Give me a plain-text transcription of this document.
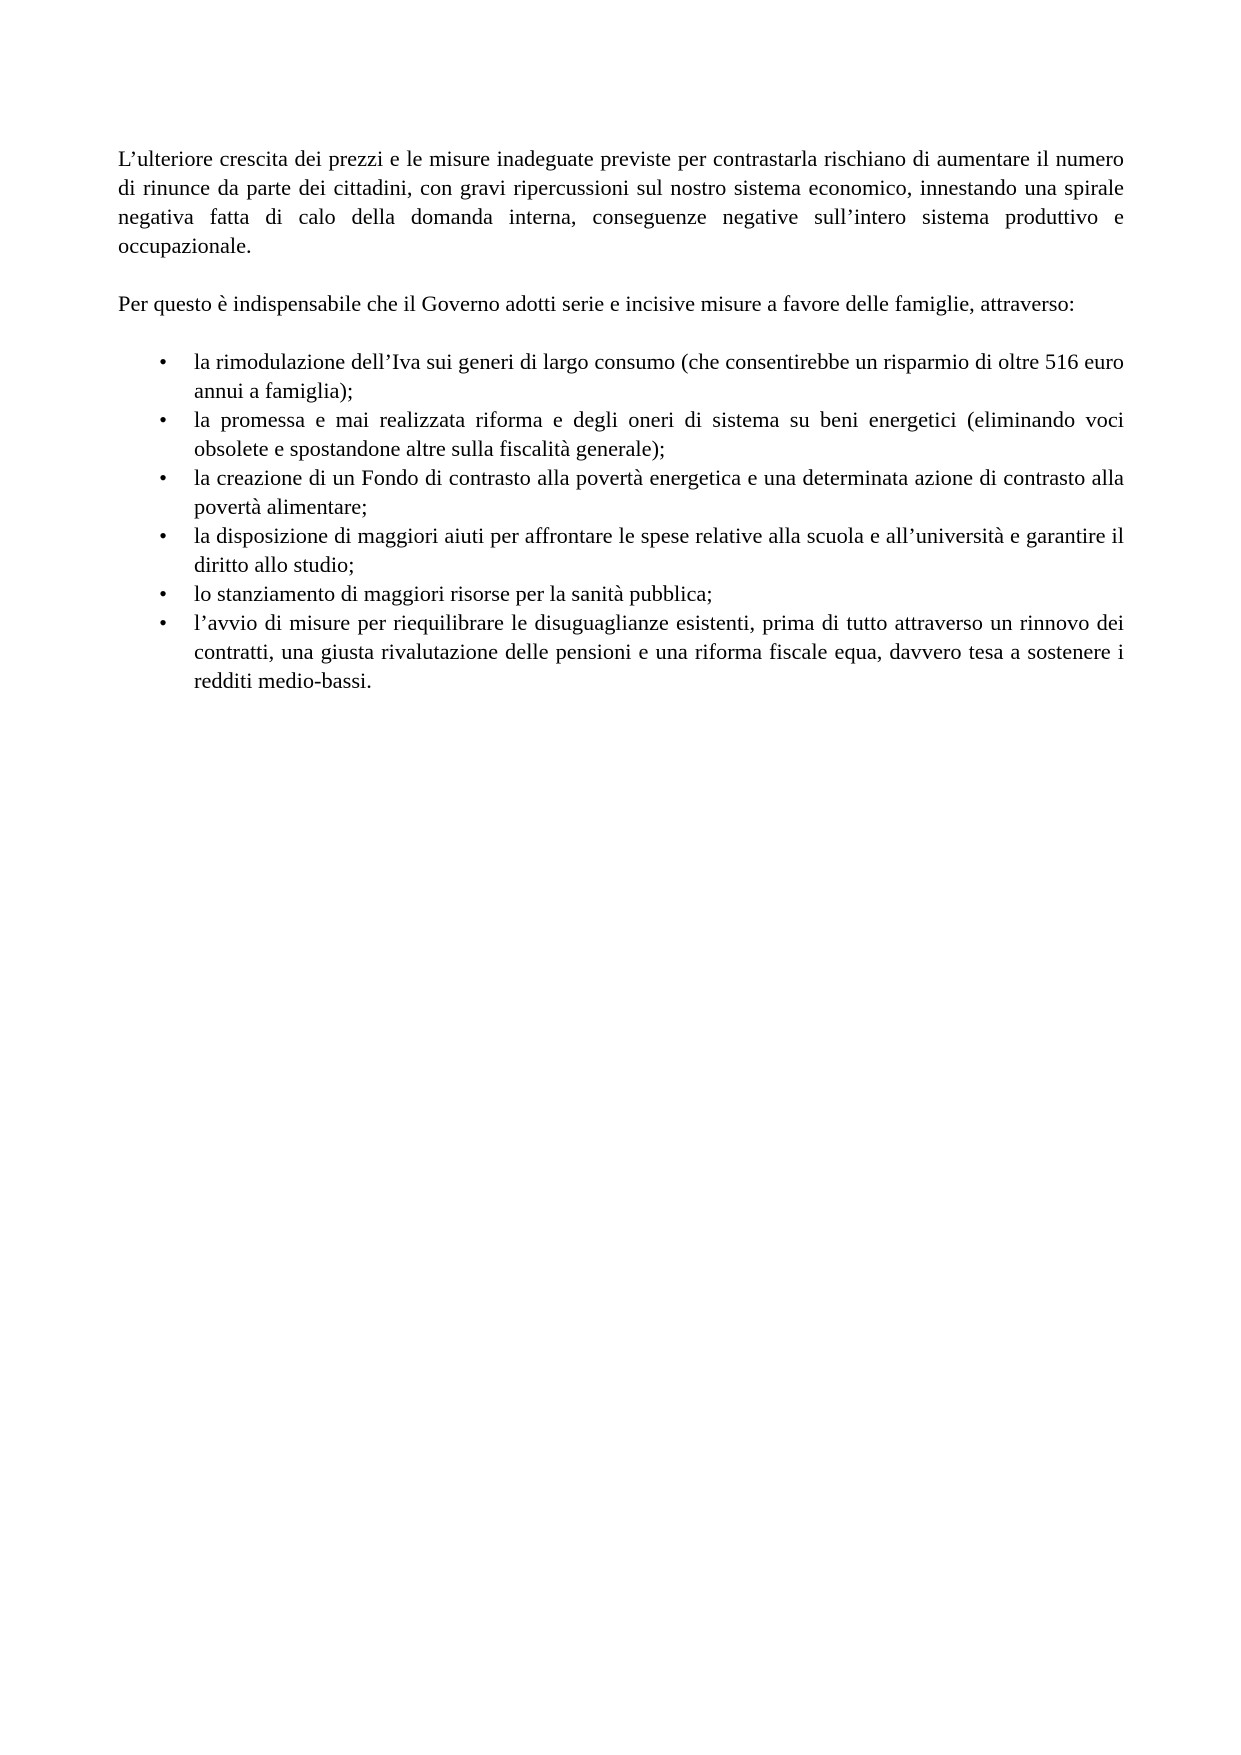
L’ulteriore crescita dei prezzi e le misure inadeguate previste per contrastarla rischiano di aumentare il numero di rinunce da parte dei cittadini, con gravi ripercussioni sul nostro sistema economico, innestando una spirale negativa fatta di calo della domanda interna, conseguenze negative sull’intero sistema produttivo e occupazionale.

Per questo è indispensabile che il Governo adotti serie e incisive misure a favore delle famiglie, attraverso:

• la rimodulazione dell’Iva sui generi di largo consumo (che consentirebbe un risparmio di oltre 516 euro annui a famiglia);
• la promessa e mai realizzata riforma e degli oneri di sistema su beni energetici (eliminando voci obsolete e spostandone altre sulla fiscalità generale);
• la creazione di un Fondo di contrasto alla povertà energetica e una determinata azione di contrasto alla povertà alimentare;
• la disposizione di maggiori aiuti per affrontare le spese relative alla scuola e all’università e garantire il diritto allo studio;
• lo stanziamento di maggiori risorse per la sanità pubblica;
• l’avvio di misure per riequilibrare le disuguaglianze esistenti, prima di tutto attraverso un rinnovo dei contratti, una giusta rivalutazione delle pensioni e una riforma fiscale equa, davvero tesa a sostenere i redditi medio-bassi.
